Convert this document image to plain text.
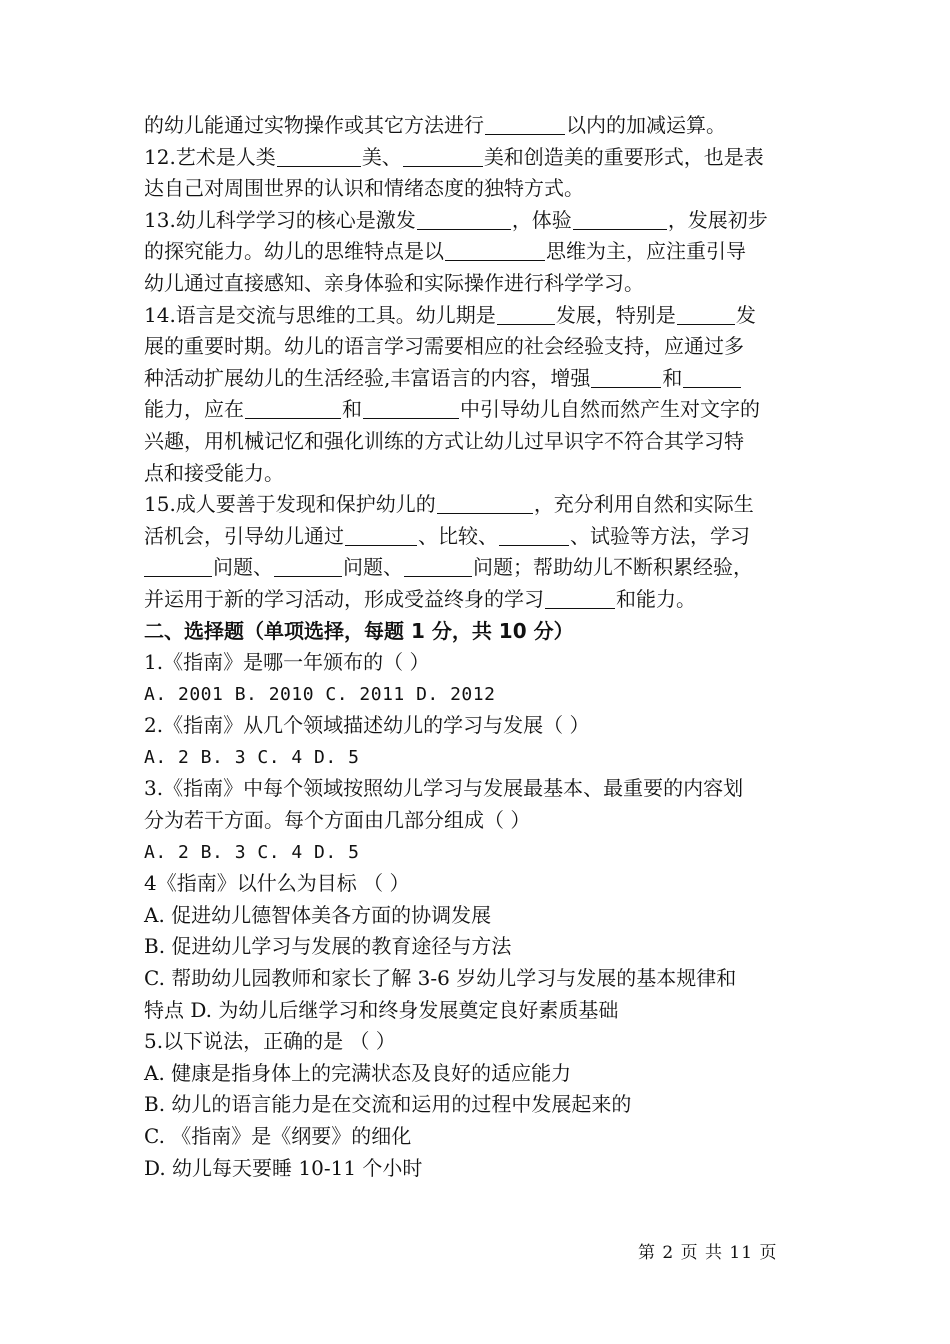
的幼儿能通过实物操作或其它方法进行	以内的加减运算。
12.艺术是人类	美、	美和创造美的重要形式，也是表
达自己对周围世界的认识和情绪态度的独特方式。
13.幼儿科学学习的核心是激发	，体验	，发展初步
的探究能力。幼儿的思维特点是以	思维为主，应注重引导
幼儿通过直接感知、亲身体验和实际操作进行科学学习。
14.语言是交流与思维的工具。幼儿期是	发展，特别是	发
展的重要时期。幼儿的语言学习需要相应的社会经验支持，应通过多
种活动扩展幼儿的生活经验,丰富语言的内容，增强	和
能力，应在	和	中引导幼儿自然而然产生对文字的
兴趣，用机械记忆和强化训练的方式让幼儿过早识字不符合其学习特
点和接受能力。
15.成人要善于发现和保护幼儿的	，充分利用自然和实际生
活机会，引导幼儿通过	、比较、	、试验等方法，学习
问题、	问题、	问题；帮助幼儿不断积累经验，
并运用于新的学习活动，形成受益终身的学习	和能力。
二、选择题（单项选择，每题 1 分，共 10 分）
1.《指南》是哪一年颁布的（ ）
A. 2001 B. 2010 C. 2011 D. 2012
2.《指南》从几个领域描述幼儿的学习与发展（ ）
A. 2 B. 3 C. 4 D. 5
3.《指南》中每个领域按照幼儿学习与发展最基本、最重要的内容划
分为若干方面。每个方面由几部分组成（ ）
A. 2 B. 3 C. 4 D. 5
4《指南》以什么为目标 （ ）
A. 促进幼儿德智体美各方面的协调发展
B. 促进幼儿学习与发展的教育途径与方法
C. 帮助幼儿园教师和家长了解 3-6 岁幼儿学习与发展的基本规律和
特点 D. 为幼儿后继学习和终身发展奠定良好素质基础
5.以下说法，正确的是 （ ）
A. 健康是指身体上的完满状态及良好的适应能力
B. 幼儿的语言能力是在交流和运用的过程中发展起来的
C. 《指南》是《纲要》的细化
D. 幼儿每天要睡 10-11 个小时
第 2 页 共 11 页
